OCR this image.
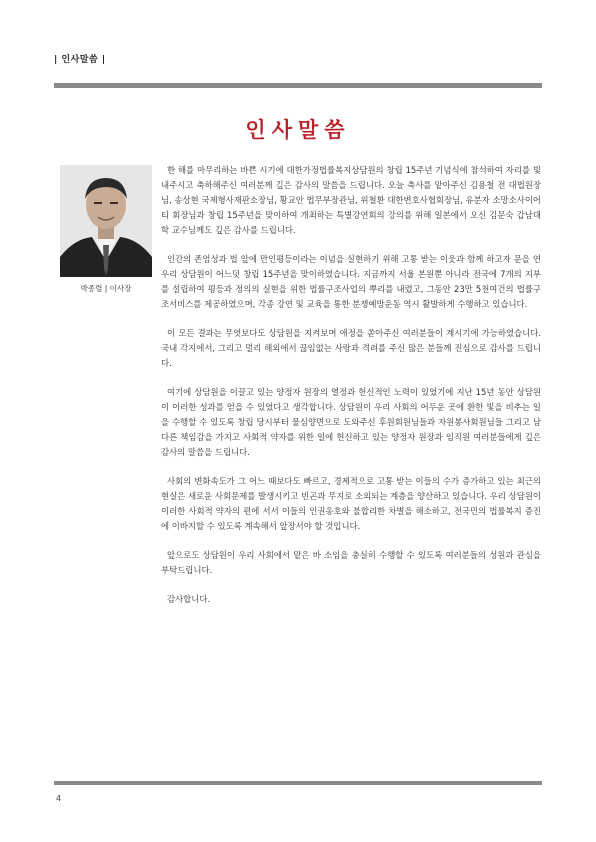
| 인사말씀 |
인사말씀
박종렬 | 이사장

한 해를 마무리하는 바쁜 시기에 대한가정법률복지상담원의 창립 15주년 기념식에 참석하여 자리를 빛내주시고 축하해주신 여러분께 깊은 감사의 말씀을 드립니다. 오늘 축사를 맡아주신 김용철 전 대법원장님, 송상현 국제형사재판소장님, 황교안 법무부장관님, 위철환 대한변호사협회장님, 유분자 소망소사이어티 회장님과 창립 15주년을 맞이하여 개최하는 특별강연회의 강의를 위해 일본에서 오신 김문숙 갑남대학 교수님께도 깊은 감사를 드립니다.

인간의 존엄성과 법 앞에 만인평등이라는 이념을 실현하기 위해 고통 받는 이웃과 함께 하고자 문을 연 우리 상담원이 어느덧 창립 15주년을 맞이하였습니다. 지금까지 서울 본원뿐 아니라 전국에 7개의 지부를 설립하여 평등과 정의의 실현을 위한 법률구조사업의 뿌리를 내렸고, 그동안 23만 5천여건의 법률구조서비스를 제공하였으며, 각종 강연 및 교육을 통한 분쟁예방운동 역시 활발하게 수행하고 있습니다.

이 모든 결과는 무엇보다도 상담원을 지켜보며 애정을 쏟아주신 여러분들이 계시기에 가능하였습니다. 국내 각지에서, 그리고 멀리 해외에서 끊임없는 사랑과 격려를 주신 많은 분들께 진심으로 감사를 드립니다.

여기에 상담원을 이끌고 있는 양정자 원장의 열정과 헌신적인 노력이 있었기에 지난 15년 동안 상담원이 이러한 성과를 얻을 수 있었다고 생각합니다. 상담원이 우리 사회의 어두운 곳에 환한 빛을 비추는 일을 수행할 수 있도록 창립 당시부터 물심양면으로 도와주신 후원회원님들과 자원봉사회원님들 그리고 남다른 책임감을 가지고 사회적 약자를 위한 일에 헌신하고 있는 양정자 원장과 임직원 여러분들에게 깊은 감사의 말씀을 드립니다.

사회의 변화속도가 그 어느 때보다도 빠르고, 경제적으로 고통 받는 이들의 수가 증가하고 있는 최근의 현실은 새로운 사회문제를 발생시키고 빈곤과 무지로 소외되는 계층을 양산하고 있습니다. 우리 상담원이 이러한 사회적 약자의 편에 서서 이들의 인권옹호와 불합리한 차별을 해소하고, 전국민의 법률복지 증진에 이바지할 수 있도록 계속해서 앞장서야 할 것입니다.

앞으로도 상담원이 우리 사회에서 맡은 바 소임을 충실히 수행할 수 있도록 여러분들의 성원과 관심을 부탁드립니다.

감사합니다.

4
